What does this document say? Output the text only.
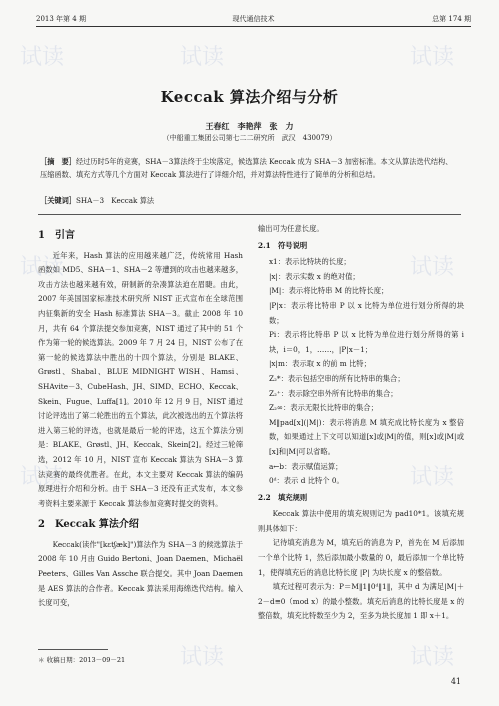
2013 年第 4 期	现代通信技术	总第 174 期
Keccak 算法介绍与分析
王春红　李艳萍　张　力
（中船重工集团公司第七二二研究所　武汉　430079）
［摘　要］经过历时5年的竞赛，SHA－3算法终于尘埃落定，候选算法 Keccak 成为 SHA－3 加密标准。本文从算法迭代结构、压缩函数、填充方式等几个方面对 Keccak 算法进行了详细介绍，并对算法特性进行了简单的分析和总结。
［关键词］SHA－3　Keccak 算法
1　引言

近年来，Hash 算法的应用越来越广泛，传统常用 Hash 函数如 MD5、SHA－1、SHA－2 等遭到的攻击也越来越多，攻击方法也越来越有效，研制新的杂凑算法迫在眉睫。由此，2007 年美国国家标准技术研究所 NIST 正式宣布在全球范围内征集新的安全 Hash 标准算法 SHA－3。截止 2008 年 10 月，共有 64 个算法提交参加竞赛，NIST 通过了其中的 51 个作为第一轮的候选算法。2009 年 7 月 24 日，NIST 公布了在第一轮的候选算法中胜出的十四个算法，分别是 BLAKE、Grøstl、Shabal、BLUE MIDNIGHT WISH、Hamsi、SHAvite－3、CubeHash、JH、SIMD、ECHO、Keccak、Skein、Fugue、Luffa[1]。2010 年 12 月 9 日，NIST 通过讨论评选出了第二轮胜出的五个算法，此次被选出的五个算法将进入第三轮的评选，也就是最后一轮的评选，这五个算法分别是：BLAKE、Grøstl、JH、Keccak、Skein[2]。经过三轮筛选，2012 年 10 月，NIST 宣布 Keccak 算法为 SHA－3 算法竞赛的最终优胜者。在此，本文主要对 Keccak 算法的编码原理进行介绍和分析。由于 SHA－3 还没有正式发布，本文参考资料主要来源于 Keccak 算法参加竞赛时提交的资料。

2　Keccak 算法介绍

Keccak(读作"[kɛtʃæk]")算法作为 SHA－3 的候选算法于 2008 年 10 月由 Guido Bertoni、Joan Daemen、Michaël Peeters、Gilles Van Assche 联合提交。其中 Joan Daemen 是 AES 算法的合作者。Keccak 算法采用海绵迭代结构。输入长度可变，

输出可为任意长度。

2.1　符号说明

x1：表示比特块的长度；

|x|：表示实数 x 的绝对值；

|M|：表示将比特串 M 的比特长度；

|P|x：表示将比特串 P 以 x 比特为单位进行划分所得的块数；

Pi：表示将比特串 P 以 x 比特为单位进行划分所得的第 i 块，i＝0，1，……，|P|x－1；

|x|m：表示取 x 的前 m 比特；

Z₂*：表示包括空串的所有比特串的集合；

Z₂⁺：表示除空串外所有比特串的集合；

Z₂∞：表示无限长比特串的集合；

M‖pad[x](|M|)：表示将消息 M 填充成比特长度为 x 整倍数，如果通过上下文可以知道[x]或|M|的值，则[x]或|M|或[x]和|M|可以省略。

a←b：表示赋值运算；

0ᵈ：表示 d 比特个 0。

2.2　填充规则

Keccak 算法中使用的填充规则记为 pad10*1。该填充规则具体如下：

记待填充消息为 M，填充后的消息为 P，首先在 M 后添加一个单个比特 1，然后添加最小数量的 0，最后添加一个单比特 1，使得填充后的消息比特长度 |P| 为块长度 x 的整倍数。

填充过程可表示为：P＝M‖1‖0ᵈ‖1‖，其中 d 为满足|M|＋2－d≡0（mod x）的最小整数。填充后消息的比特长度是 x 的整倍数，填充比特数至少为 2，至多为块长度加 1 即 x＋1。

＊ 收稿日期：2013－09－21
41
试读	试读	试读
试读	试读
试读	试读
试读	试读
